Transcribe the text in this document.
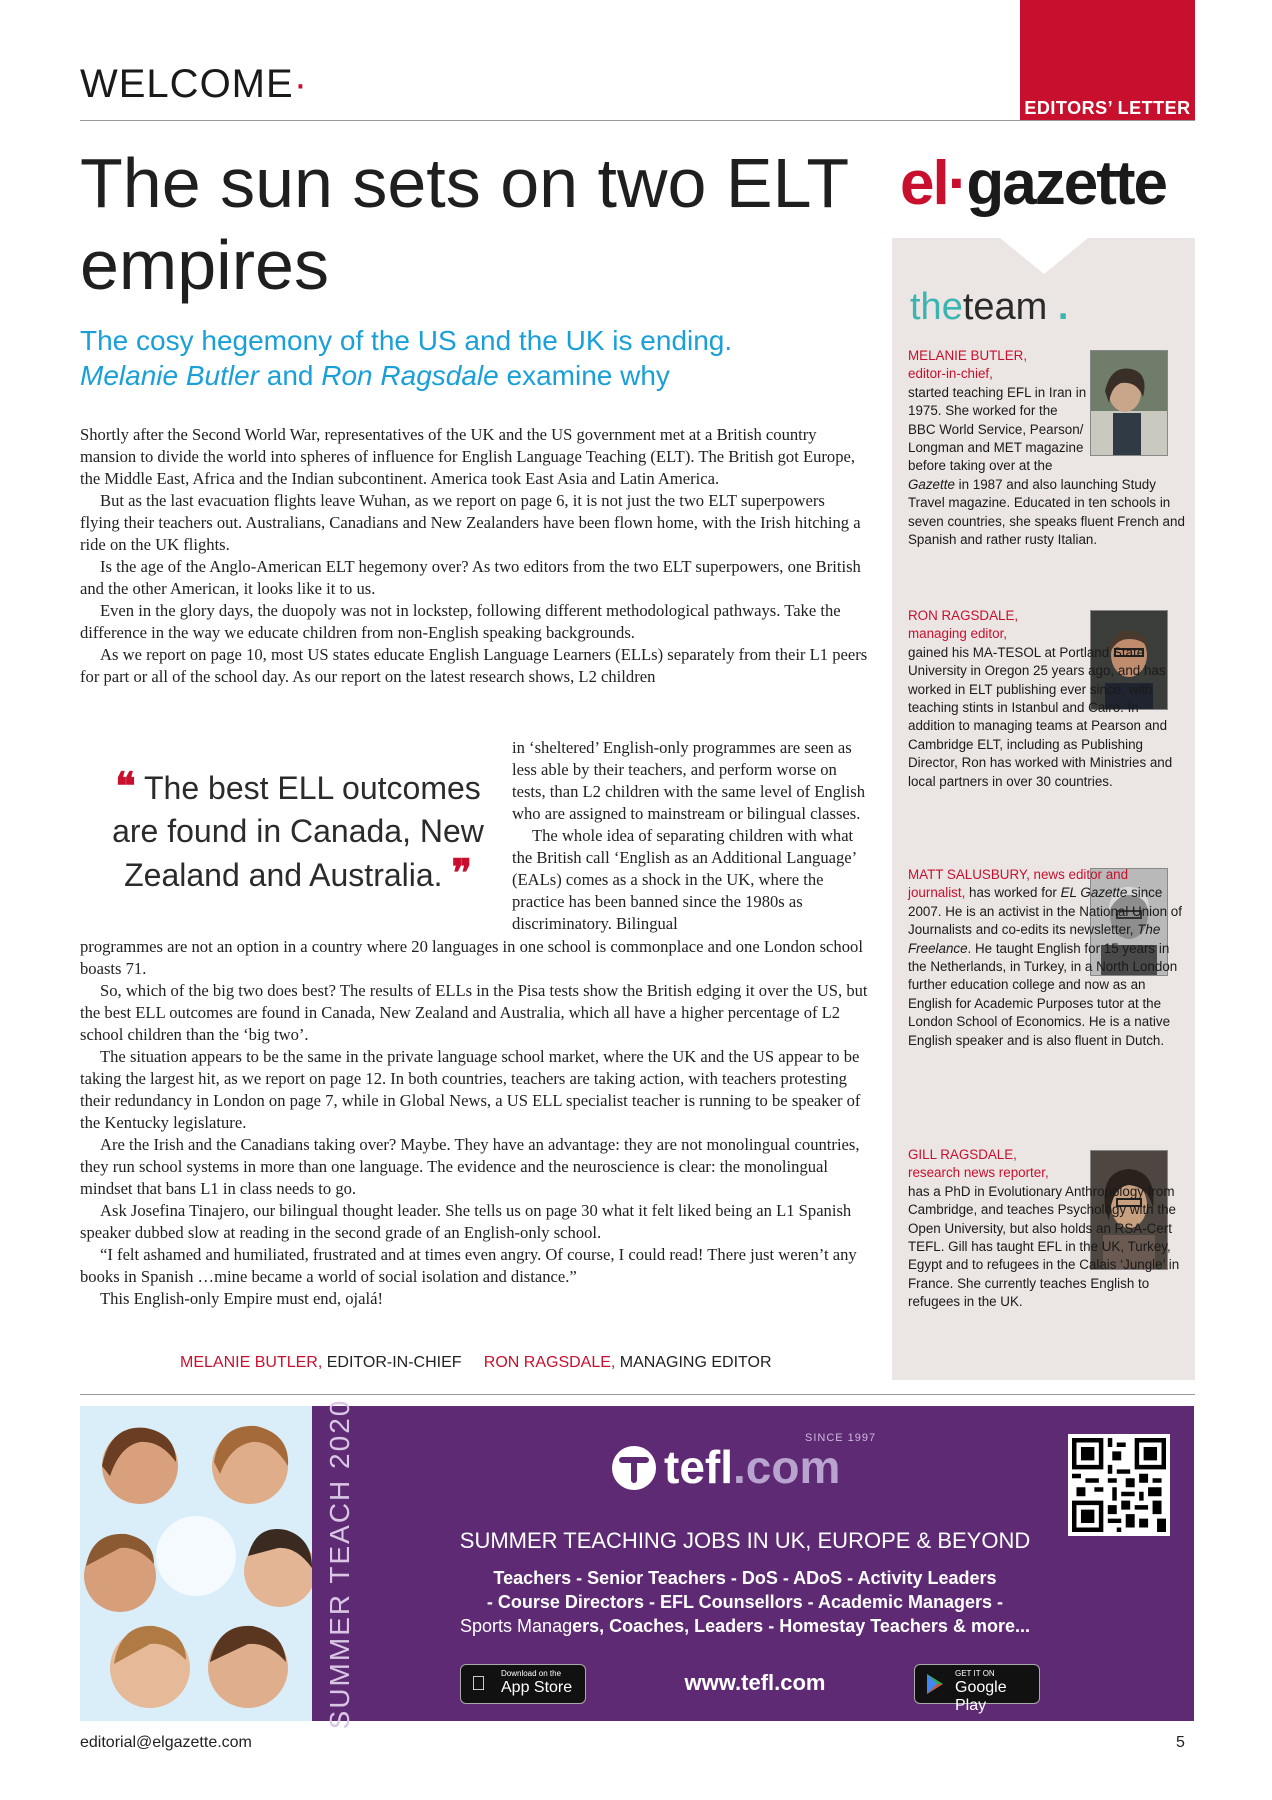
EDITORS’ LETTER
WELCOME·
el·gazette
The sun sets on two ELT empires
The cosy hegemony of the US and the UK is ending.
Melanie Butler and Ron Ragsdale examine why

Shortly after the Second World War, representatives of the UK and the US government met at a British country mansion to divide the world into spheres of influence for English Language Teaching (ELT). The British got Europe, the Middle East, Africa and the Indian subcontinent. America took East Asia and Latin America.

But as the last evacuation flights leave Wuhan, as we report on page 6, it is not just the two ELT superpowers flying their teachers out. Australians, Canadians and New Zealanders have been flown home, with the Irish hitching a ride on the UK flights.

Is the age of the Anglo-American ELT hegemony over? As two editors from the two ELT superpowers, one British and the other American, it looks like it to us.

Even in the glory days, the duopoly was not in lockstep, following different methodological pathways. Take the difference in the way we educate children from non-English speaking backgrounds.

As we report on page 10, most US states educate English Language Learners (ELLs) separately from their L1 peers for part or all of the school day. As our report on the latest research shows, L2 children

❝ The best ELL outcomes are found in Canada, New Zealand and Australia. ❞

in ‘sheltered’ English-only programmes are seen as less able by their teachers, and perform worse on tests, than L2 children with the same level of English who are assigned to mainstream or bilingual classes.

The whole idea of separating children with what the British call ‘English as an Additional Language’ (EALs) comes as a shock in the UK, where the practice has been banned since the 1980s as discriminatory. Bilingual

programmes are not an option in a country where 20 languages in one school is commonplace and one London school boasts 71.

So, which of the big two does best? The results of ELLs in the Pisa tests show the British edging it over the US, but the best ELL outcomes are found in Canada, New Zealand and Australia, which all have a higher percentage of L2 school children than the ‘big two’.

The situation appears to be the same in the private language school market, where the UK and the US appear to be taking the largest hit, as we report on page 12. In both countries, teachers are taking action, with teachers protesting their redundancy in London on page 7, while in Global News, a US ELL specialist teacher is running to be speaker of the Kentucky legislature.

Are the Irish and the Canadians taking over? Maybe. They have an advantage: they are not monolingual countries, they run school systems in more than one language. The evidence and the neuroscience is clear: the monolingual mindset that bans L1 in class needs to go.

Ask Josefina Tinajero, our bilingual thought leader. She tells us on page 30 what it felt liked being an L1 Spanish speaker dubbed slow at reading in the second grade of an English-only school.

“I felt ashamed and humiliated, frustrated and at times even angry. Of course, I could read! There just weren’t any books in Spanish …mine became a world of social isolation and distance.”

This English-only Empire must end, ojalá!

MELANIE BUTLER, EDITOR-IN-CHIEF RON RAGSDALE, MANAGING EDITOR
theteam .
MELANIE BUTLER,
editor-in-chief,
started teaching EFL in Iran in 1975. She worked for the BBC World Service, Pearson/ Longman and MET magazine before taking over at the
Gazette in 1987 and also launching Study Travel magazine. Educated in ten schools in seven countries, she speaks fluent French and Spanish and rather rusty Italian.
RON RAGSDALE,
managing editor,
gained his MA-TESOL at Portland State University in Oregon 25 years ago, and has worked in ELT publishing ever since, with teaching stints in Istanbul and Cairo. In addition to managing teams at Pearson and Cambridge ELT, including as Publishing Director, Ron has worked with Ministries and local partners in over 30 countries.
MATT SALUSBURY, news editor and journalist, has worked for EL Gazette since 2007. He is an activist in the National Union of Journalists and co-edits its newsletter, The Freelance. He taught English for 15 years in the Netherlands, in Turkey, in a North London further education college and now as an English for Academic Purposes tutor at the London School of Economics. He is a native English speaker and is also fluent in Dutch.
GILL RAGSDALE,
research news reporter,
has a PhD in Evolutionary Anthropology from Cambridge, and teaches Psychology with the Open University, but also holds an RSA-Cert TEFL. Gill has taught EFL in the UK, Turkey, Egypt and to refugees in the Calais ‘Jungle’ in France. She currently teaches English to refugees in the UK.
SUMMER TEACH 2020	tefl.com
SINCE 1997
SUMMER TEACHING JOBS IN UK, EUROPE & BEYOND
Teachers - Senior Teachers - DoS - ADoS - Activity Leaders
- Course Directors - EFL Counsellors - Academic Managers -
Sports Managers, Coaches, Leaders - Homestay Teachers & more...
Download on the
App Store	www.tefl.com	GET IT ON
Google Play
editorial@elgazette.com	5
